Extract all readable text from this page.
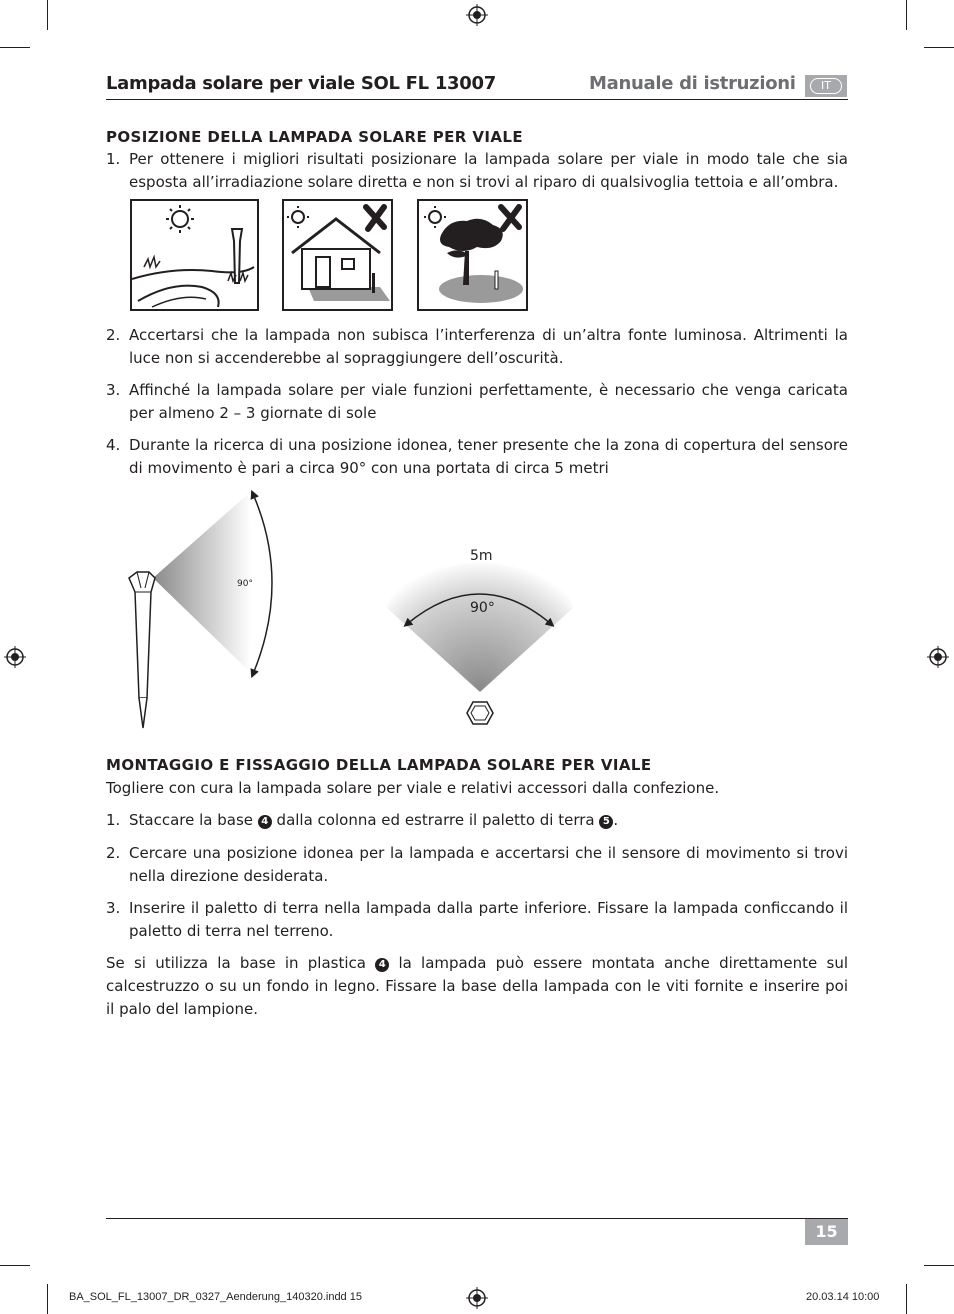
Lampada solare per viale SOL FL 13007	Manuale di istruzioni	IT
POSIZIONE DELLA LAMPADA SOLARE PER VIALE
1. Per ottenere i migliori risultati posizionare la lampada solare per viale in modo tale che sia esposta all’irradiazione solare diretta e non si trovi al riparo di qualsivoglia tettoia e all’ombra.
2. Accertarsi che la lampada non subisca l’interferenza di un’altra fonte luminosa. Altrimenti la luce non si accenderebbe al sopraggiungere dell’oscurità.
3. Affinché la lampada solare per viale funzioni perfettamente, è necessario che venga caricata per almeno 2 – 3 giornate di sole
4. Durante la ricerca di una posizione idonea, tener presente che la zona di copertura del sensore di movimento è pari a circa 90° con una portata di circa 5 metri
90°
5m
90°
MONTAGGIO E FISSAGGIO DELLA LAMPADA SOLARE PER VIALE
Togliere con cura la lampada solare per viale e relativi accessori dalla confezione.
1. Staccare la base 4 dalla colonna ed estrarre il paletto di terra 5 .
2. Cercare una posizione idonea per la lampada e accertarsi che il sensore di movimento si trovi nella direzione desiderata.
3. Inserire il paletto di terra nella lampada dalla parte inferiore. Fissare la lampada conficcando il paletto di terra nel terreno.
Se si utilizza la base in plastica 4 la lampada può essere montata anche direttamente sul calcestruzzo o su un fondo in legno. Fissare la base della lampada con le viti fornite e inserire poi il palo del lampione.
15
BA_SOL_FL_13007_DR_0327_Aenderung_140320.indd 15	20.03.14 10:00
